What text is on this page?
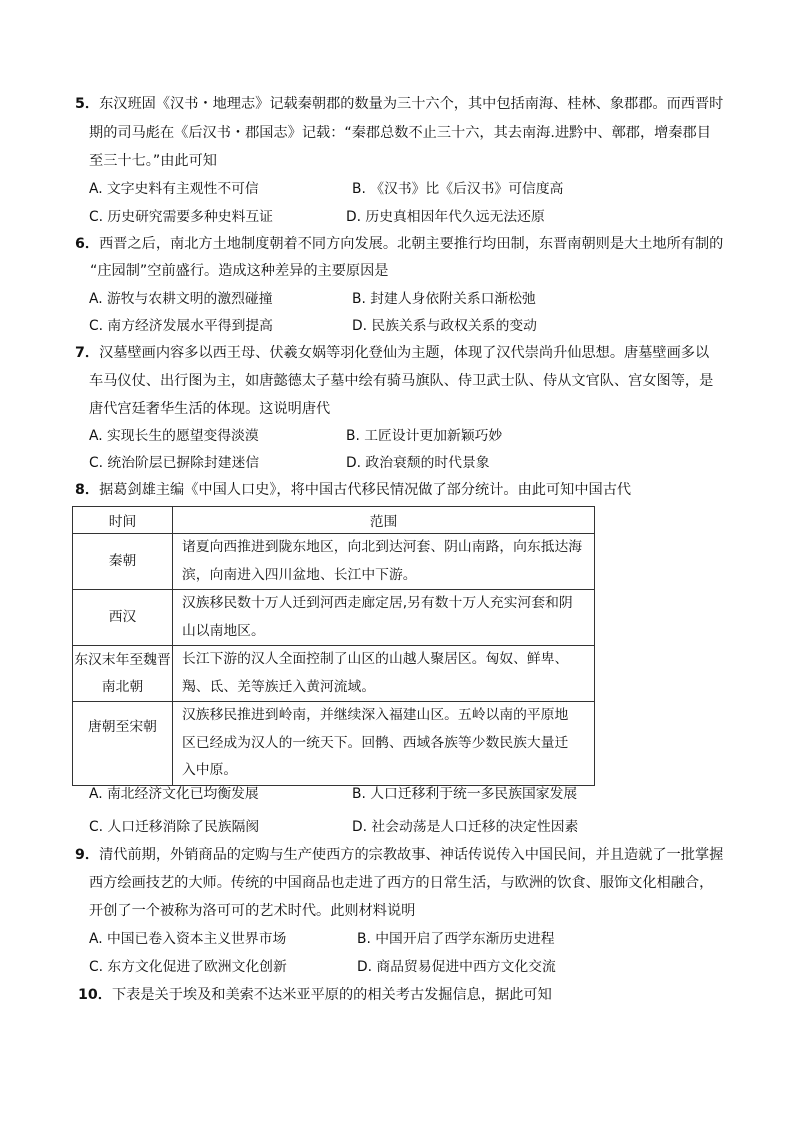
5．东汉班固《汉书・地理志》记载秦朝郡的数量为三十六个，其中包括南海、桂林、象郡郡。而西晋时
期的司马彪在《后汉书・郡国志》记载：“秦郡总数不止三十六，其去南海.进黔中、鄣郡，增秦郡目
至三十七。”由此可知
A. 文字史料有主观性不可信	B. 《汉书》比《后汉书》可信度高
C. 历史研究需要多种史料互证	D. 历史真相因年代久远无法还原
6．西晋之后，南北方土地制度朝着不同方向发展。北朝主要推行均田制，东晋南朝则是大土地所有制的
“庄园制”空前盛行。造成这种差异的主要原因是
A. 游牧与农耕文明的激烈碰撞	B. 封建人身依附关系口渐松弛
C. 南方经济发展水平得到提高	D. 民族关系与政权关系的变动
7．汉墓壁画内容多以西王母、伏羲女娲等羽化登仙为主题，体现了汉代崇尚升仙思想。唐墓壁画多以
车马仪仗、出行图为主，如唐懿德太子墓中绘有骑马旗队、侍卫武士队、侍从文官队、宫女图等，是
唐代宫廷奢华生活的体现。这说明唐代
A. 实现长生的愿望变得淡漠	B. 工匠设计更加新颖巧妙
C. 统治阶层已摒除封建迷信	D. 政治衰颓的时代景象
8．据葛剑雄主编《中国人口史》，将中国古代移民情况做了部分统计。由此可知中国古代
时间	范围

秦朝	诸夏向西推进到陇东地区，向北到达河套、阴山南路，向东抵达海
滨，向南进入四川盆地、长江中下游。

西汉	汉族移民数十万人迁到河西走廊定居,另有数十万人充实河套和阴
山以南地区。

东汉末年至魏晋
南北朝	长江下游的汉人全面控制了山区的山越人聚居区。匈奴、鲜卑、
羯、氐、羌等族迁入黄河流域。

唐朝至宋朝	汉族移民推进到岭南，并继续深入福建山区。五岭以南的平原地
区已经成为汉人的一统天下。回鹘、西域各族等少数民族大量迁
入中原。
A. 南北经济文化已均衡发展	B. 人口迁移利于统一多民族国家发展
C. 人口迁移消除了民族隔阂	D. 社会动荡是人口迁移的决定性因素
9．清代前期，外销商品的定购与生产使西方的宗教故事、神话传说传入中国民间，并且造就了一批掌握
西方绘画技艺的大师。传统的中国商品也走进了西方的日常生活，与欧洲的饮食、服饰文化相融合，
开创了一个被称为洛可可的艺术时代。此则材料说明
A. 中国已卷入资本主义世界市场	B. 中国开启了西学东渐历史进程
C. 东方文化促进了欧洲文化创新	D. 商品贸易促进中西方文化交流
10．下表是关于埃及和美索不达米亚平原的的相关考古发掘信息，据此可知
